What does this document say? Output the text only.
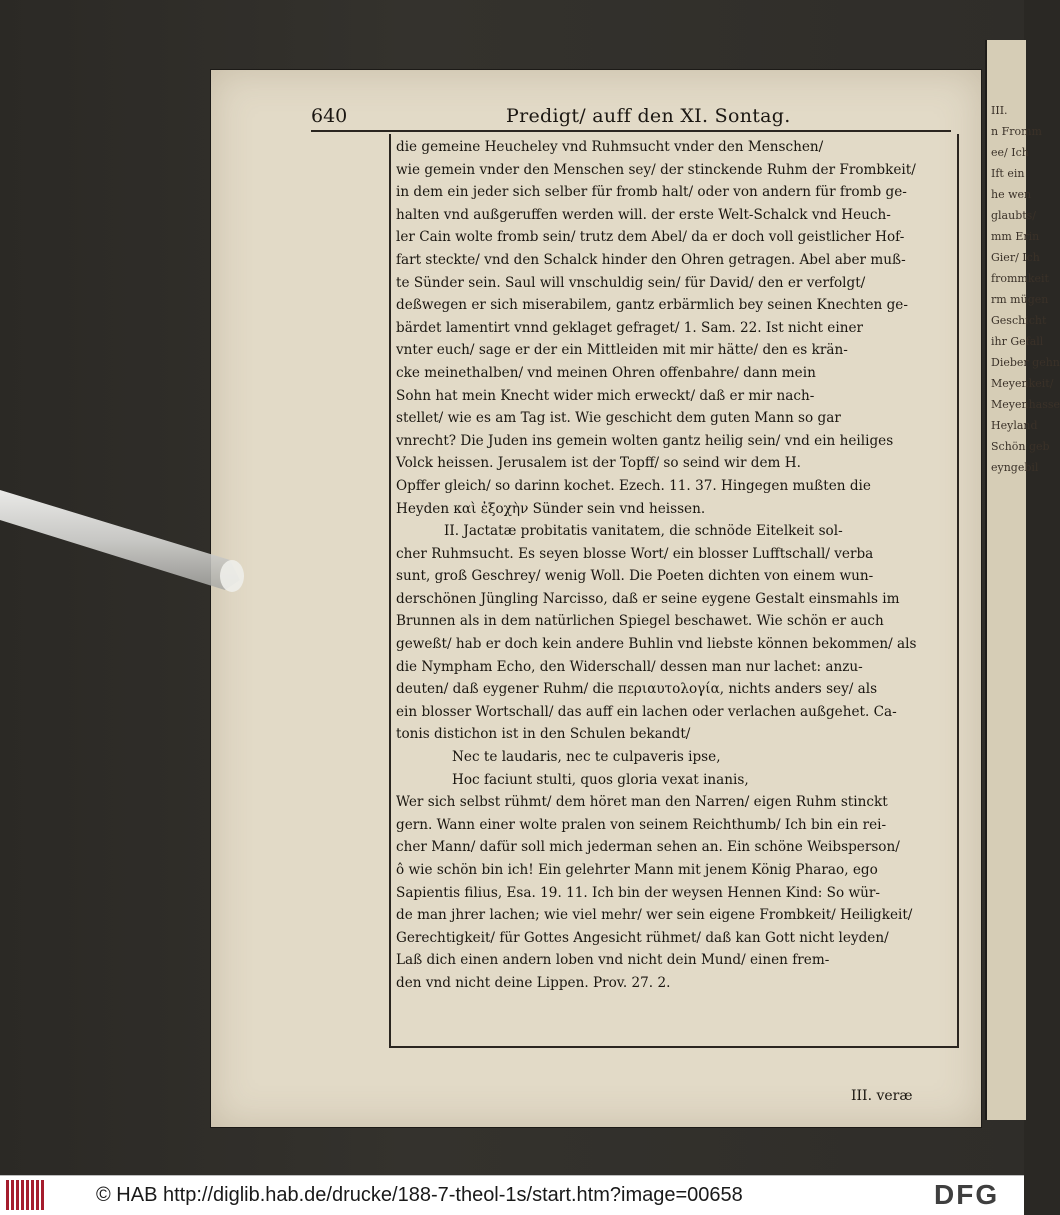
III.
n Fromm
ee/ Ich
Ift ein
he wen
glaubts/
mm Erin
Gier/ Ich
frommkeit
rm mügen
Geschicht
ihr Gefall
Dieber gehn
Meyenkeit/
Meyenhasse
Heyland
Schön geb
eyngebil

640	Predigt/ auff den XI. Sontag.
die gemeine Heucheley vnd Ruhmsucht vnder den Menschen/
wie gemein vnder den Menschen sey/ der stinckende Ruhm der Frombkeit/
in dem ein jeder sich selber für fromb halt/ oder von andern für fromb ge-
halten vnd außgeruffen werden will. der erste Welt-Schalck vnd Heuch-
ler Cain wolte fromb sein/ trutz dem Abel/ da er doch voll geistlicher Hof-
fart steckte/ vnd den Schalck hinder den Ohren getragen. Abel aber muß-
te Sünder sein. Saul will vnschuldig sein/ für David/ den er verfolgt/
deßwegen er sich miserabilem, gantz erbärmlich bey seinen Knechten ge-
bärdet lamentirt vnnd geklaget gefraget/ 1. Sam. 22. Ist nicht einer
vnter euch/ sage er der ein Mittleiden mit mir hätte/ den es krän-
cke meinethalben/ vnd meinen Ohren offenbahre/ dann mein
Sohn hat mein Knecht wider mich erweckt/ daß er mir nach-
stellet/ wie es am Tag ist. Wie geschicht dem guten Mann so gar
vnrecht? Die Juden ins gemein wolten gantz heilig sein/ vnd ein heiliges
Volck heissen. Jerusalem ist der Topff/ so seind wir dem H.
Opffer gleich/ so darinn kochet. Ezech. 11. 37. Hingegen mußten die
Heyden καὶ ἐξοχὴν Sünder sein vnd heissen.
II. Jactatæ probitatis vanitatem, die schnöde Eitelkeit sol-
cher Ruhmsucht. Es seyen blosse Wort/ ein blosser Lufftschall/ verba
sunt, groß Geschrey/ wenig Woll. Die Poeten dichten von einem wun-
derschönen Jüngling Narcisso, daß er seine eygene Gestalt einsmahls im
Brunnen als in dem natürlichen Spiegel beschawet. Wie schön er auch
geweßt/ hab er doch kein andere Buhlin vnd liebste können bekommen/ als
die Nympham Echo, den Widerschall/ dessen man nur lachet: anzu-
deuten/ daß eygener Ruhm/ die περιαυτολογία, nichts anders sey/ als
ein blosser Wortschall/ das auff ein lachen oder verlachen außgehet. Ca-
tonis distichon ist in den Schulen bekandt/
Nec te laudaris, nec te culpaveris ipse,
Hoc faciunt stulti, quos gloria vexat inanis,
Wer sich selbst rühmt/ dem höret man den Narren/ eigen Ruhm stinckt
gern. Wann einer wolte pralen von seinem Reichthumb/ Ich bin ein rei-
cher Mann/ dafür soll mich jederman sehen an. Ein schöne Weibsperson/
ô wie schön bin ich! Ein gelehrter Mann mit jenem König Pharao, ego
Sapientis filius, Esa. 19. 11. Ich bin der weysen Hennen Kind: So wür-
de man jhrer lachen; wie viel mehr/ wer sein eigene Frombkeit/ Heiligkeit/
Gerechtigkeit/ für Gottes Angesicht rühmet/ daß kan Gott nicht leyden/
Laß dich einen andern loben vnd nicht dein Mund/ einen frem-
den vnd nicht deine Lippen. Prov. 27. 2.
III. veræ
© HAB http://diglib.hab.de/drucke/188-7-theol-1s/start.htm?image=00658	DFG
